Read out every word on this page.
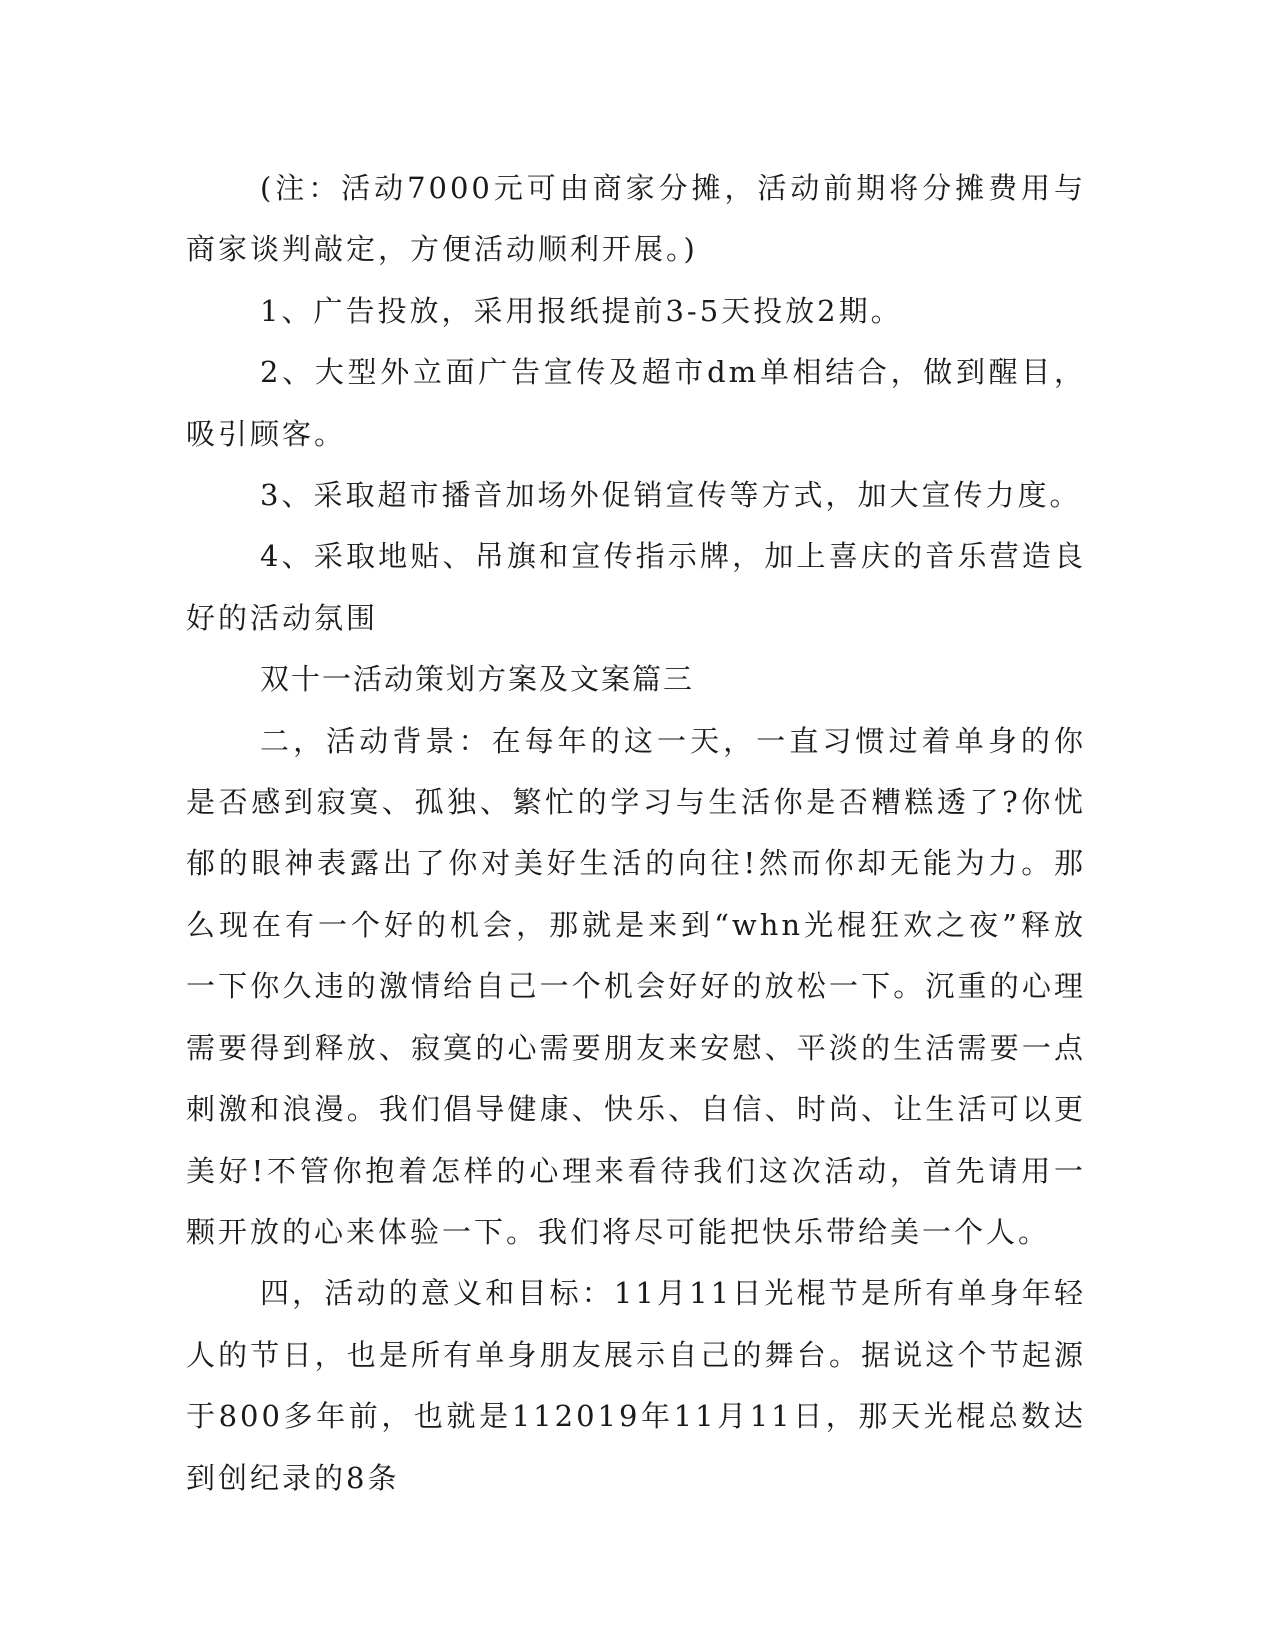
(注：活动7000元可由商家分摊，活动前期将分摊费用与商家谈判敲定，方便活动顺利开展。)

1、广告投放，采用报纸提前3-5天投放2期。

2、大型外立面广告宣传及超市dm单相结合，做到醒目，吸引顾客。

3、采取超市播音加场外促销宣传等方式，加大宣传力度。

4、采取地贴、吊旗和宣传指示牌，加上喜庆的音乐营造良好的活动氛围

双十一活动策划方案及文案篇三

二，活动背景：在每年的这一天，一直习惯过着单身的你是否感到寂寞、孤独、繁忙的学习与生活你是否糟糕透了?你忧郁的眼神表露出了你对美好生活的向往!然而你却无能为力。那么现在有一个好的机会，那就是来到“whn光棍狂欢之夜”释放一下你久违的激情给自己一个机会好好的放松一下。沉重的心理需要得到释放、寂寞的心需要朋友来安慰、平淡的生活需要一点刺激和浪漫。我们倡导健康、快乐、自信、时尚、让生活可以更美好!不管你抱着怎样的心理来看待我们这次活动，首先请用一颗开放的心来体验一下。我们将尽可能把快乐带给美一个人。

四，活动的意义和目标：11月11日光棍节是所有单身年轻人的节日，也是所有单身朋友展示自己的舞台。据说这个节起源于800多年前，也就是112019年11月11日，那天光棍总数达到创纪录的8条
